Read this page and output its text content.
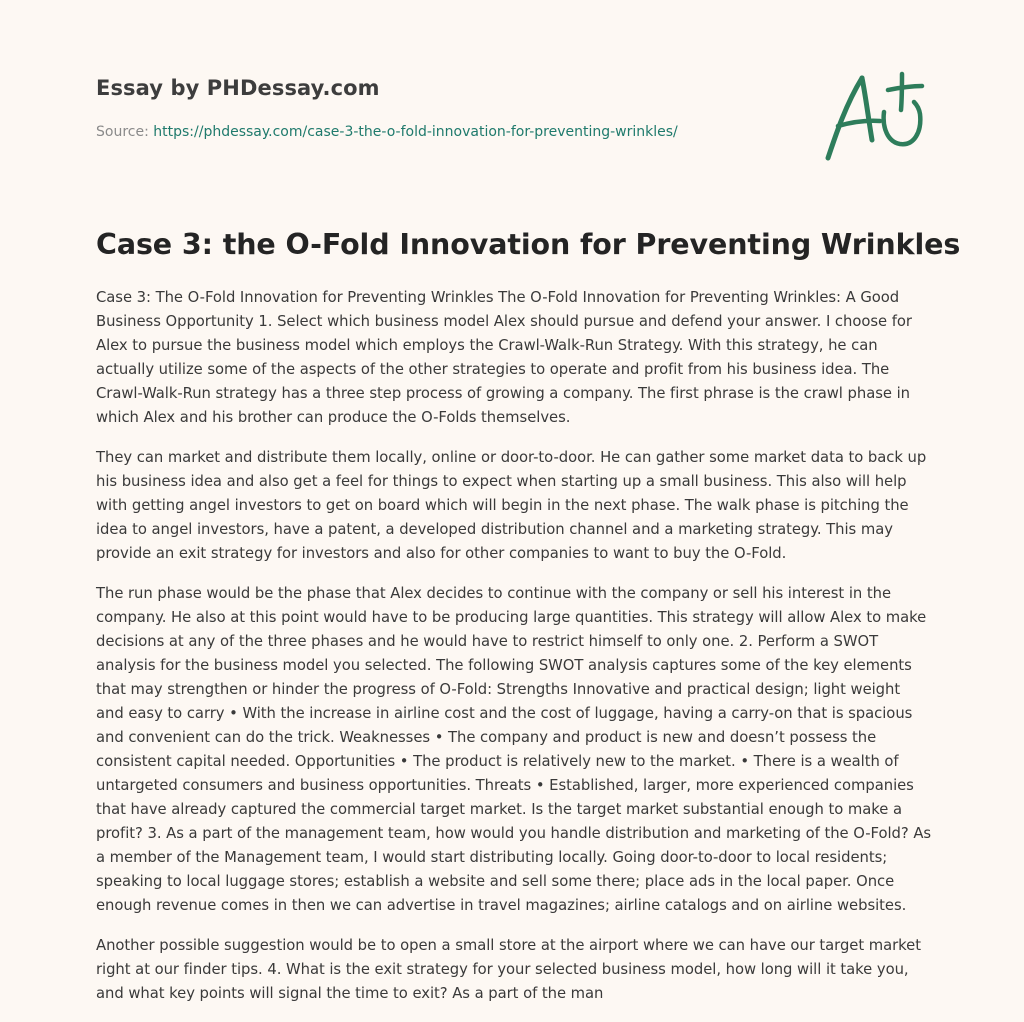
Essay by PHDessay.com

Source: https://phdessay.com/case-3-the-o-fold-innovation-for-preventing-wrinkles/

Case 3: the O-Fold Innovation for Preventing Wrinkles

Case 3: The O-Fold Innovation for Preventing Wrinkles The O-Fold Innovation for Preventing Wrinkles: A Good Business Opportunity 1. Select which business model Alex should pursue and defend your answer. I choose for Alex to pursue the business model which employs the Crawl-Walk-Run Strategy. With this strategy, he can actually utilize some of the aspects of the other strategies to operate and profit from his business idea. The Crawl-Walk-Run strategy has a three step process of growing a company. The first phrase is the crawl phase in which Alex and his brother can produce the O-Folds themselves.

They can market and distribute them locally, online or door-to-door. He can gather some market data to back up his business idea and also get a feel for things to expect when starting up a small business. This also will help with getting angel investors to get on board which will begin in the next phase. The walk phase is pitching the idea to angel investors, have a patent, a developed distribution channel and a marketing strategy. This may provide an exit strategy for investors and also for other companies to want to buy the O-Fold.

The run phase would be the phase that Alex decides to continue with the company or sell his interest in the company. He also at this point would have to be producing large quantities. This strategy will allow Alex to make decisions at any of the three phases and he would have to restrict himself to only one. 2. Perform a SWOT analysis for the business model you selected. The following SWOT analysis captures some of the key elements that may strengthen or hinder the progress of O-Fold: Strengths Innovative and practical design; light weight and easy to carry • With the increase in airline cost and the cost of luggage, having a carry-on that is spacious and convenient can do the trick. Weaknesses • The company and product is new and doesn’t possess the consistent capital needed. Opportunities • The product is relatively new to the market. • There is a wealth of untargeted consumers and business opportunities. Threats • Established, larger, more experienced companies that have already captured the commercial target market. Is the target market substantial enough to make a profit? 3. As a part of the management team, how would you handle distribution and marketing of the O-Fold? As a member of the Management team, I would start distributing locally. Going door-to-door to local residents; speaking to local luggage stores; establish a website and sell some there; place ads in the local paper. Once enough revenue comes in then we can advertise in travel magazines; airline catalogs and on airline websites.

Another possible suggestion would be to open a small store at the airport where we can have our target market right at our finder tips. 4. What is the exit strategy for your selected business model, how long will it take you, and what key points will signal the time to exit? As a part of the man
